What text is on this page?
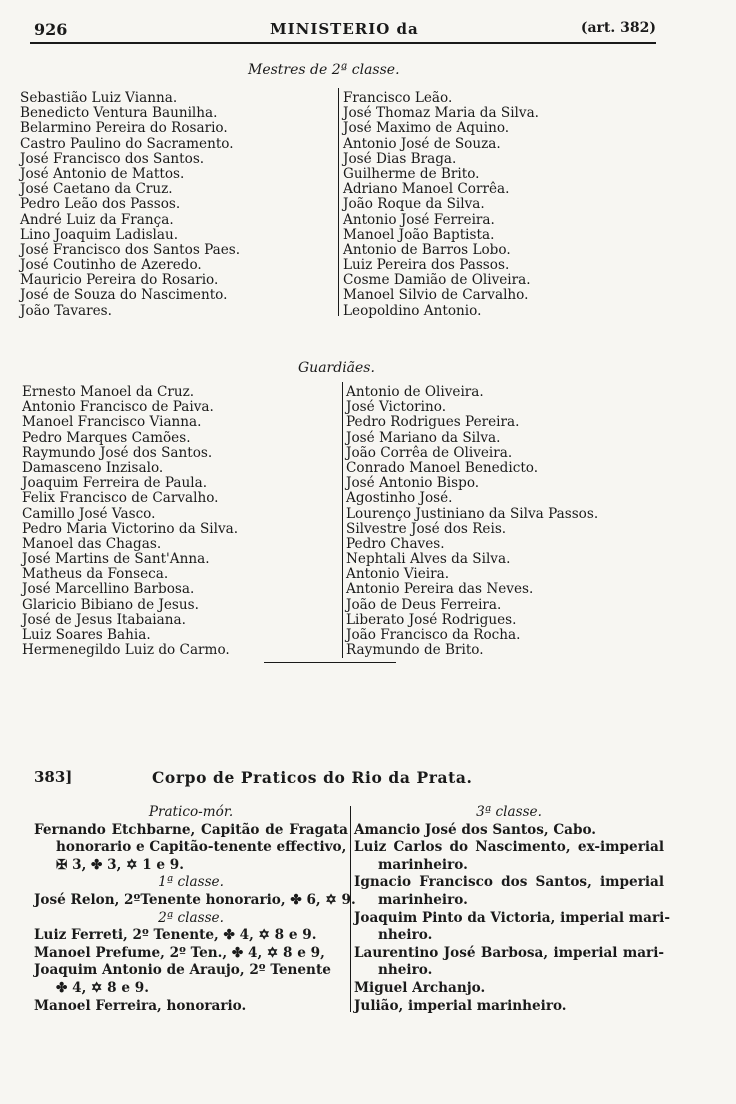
926	MINISTERIO da	(art. 382)
Mestres de 2ª classe.
Sebastião Luiz Vianna.
Benedicto Ventura Baunilha.
Belarmino Pereira do Rosario.
Castro Paulino do Sacramento.
José Francisco dos Santos.
José Antonio de Mattos.
José Caetano da Cruz.
Pedro Leão dos Passos.
André Luiz da França.
Lino Joaquim Ladislau.
José Francisco dos Santos Paes.
José Coutinho de Azeredo.
Mauricio Pereira do Rosario.
José de Souza do Nascimento.
João Tavares.
Francisco Leão.
José Thomaz Maria da Silva.
José Maximo de Aquino.
Antonio José de Souza.
José Dias Braga.
Guilherme de Brito.
Adriano Manoel Corrêa.
João Roque da Silva.
Antonio José Ferreira.
Manoel João Baptista.
Antonio de Barros Lobo.
Luiz Pereira dos Passos.
Cosme Damião de Oliveira.
Manoel Silvio de Carvalho.
Leopoldino Antonio.
Guardiães.
Ernesto Manoel da Cruz.
Antonio Francisco de Paiva.
Manoel Francisco Vianna.
Pedro Marques Camões.
Raymundo José dos Santos.
Damasceno Inzisalo.
Joaquim Ferreira de Paula.
Felix Francisco de Carvalho.
Camillo José Vasco.
Pedro Maria Victorino da Silva.
Manoel das Chagas.
José Martins de Sant'Anna.
Matheus da Fonseca.
José Marcellino Barbosa.
Glaricio Bibiano de Jesus.
José de Jesus Itabaiana.
Luiz Soares Bahia.
Hermenegildo Luiz do Carmo.
Antonio de Oliveira.
José Victorino.
Pedro Rodrigues Pereira.
José Mariano da Silva.
João Corrêa de Oliveira.
Conrado Manoel Benedicto.
José Antonio Bispo.
Agostinho José.
Lourenço Justiniano da Silva Passos.
Silvestre José dos Reis.
Pedro Chaves.
Nephtali Alves da Silva.
Antonio Vieira.
Antonio Pereira das Neves.
João de Deus Ferreira.
Liberato José Rodrigues.
João Francisco da Rocha.
Raymundo de Brito.
383]	Corpo de Praticos do Rio da Prata.
Pratico-mór.
Fernando Etchbarne, Capitão de Fragata
honorario e Capitão-tenente effectivo,
✠ 3, ✤ 3, ✡ 1 e 9.
1ª classe.
José Relon, 2ºTenente honorario, ✤ 6, ✡ 9.
2ª classe.
Luiz Ferreti, 2º Tenente, ✤ 4, ✡ 8 e 9.
Manoel Prefume, 2º Ten., ✤ 4, ✡ 8 e 9,
Joaquim Antonio de Araujo, 2º Tenente
✤ 4, ✡ 8 e 9.
Manoel Ferreira, honorario.
3ª classe.
Amancio José dos Santos, Cabo.
Luiz Carlos do Nascimento, ex-imperial
marinheiro.
Ignacio Francisco dos Santos, imperial
marinheiro.
Joaquim Pinto da Victoria, imperial mari-
nheiro.
Laurentino José Barbosa, imperial mari-
nheiro.
Miguel Archanjo.
Julião, imperial marinheiro.
